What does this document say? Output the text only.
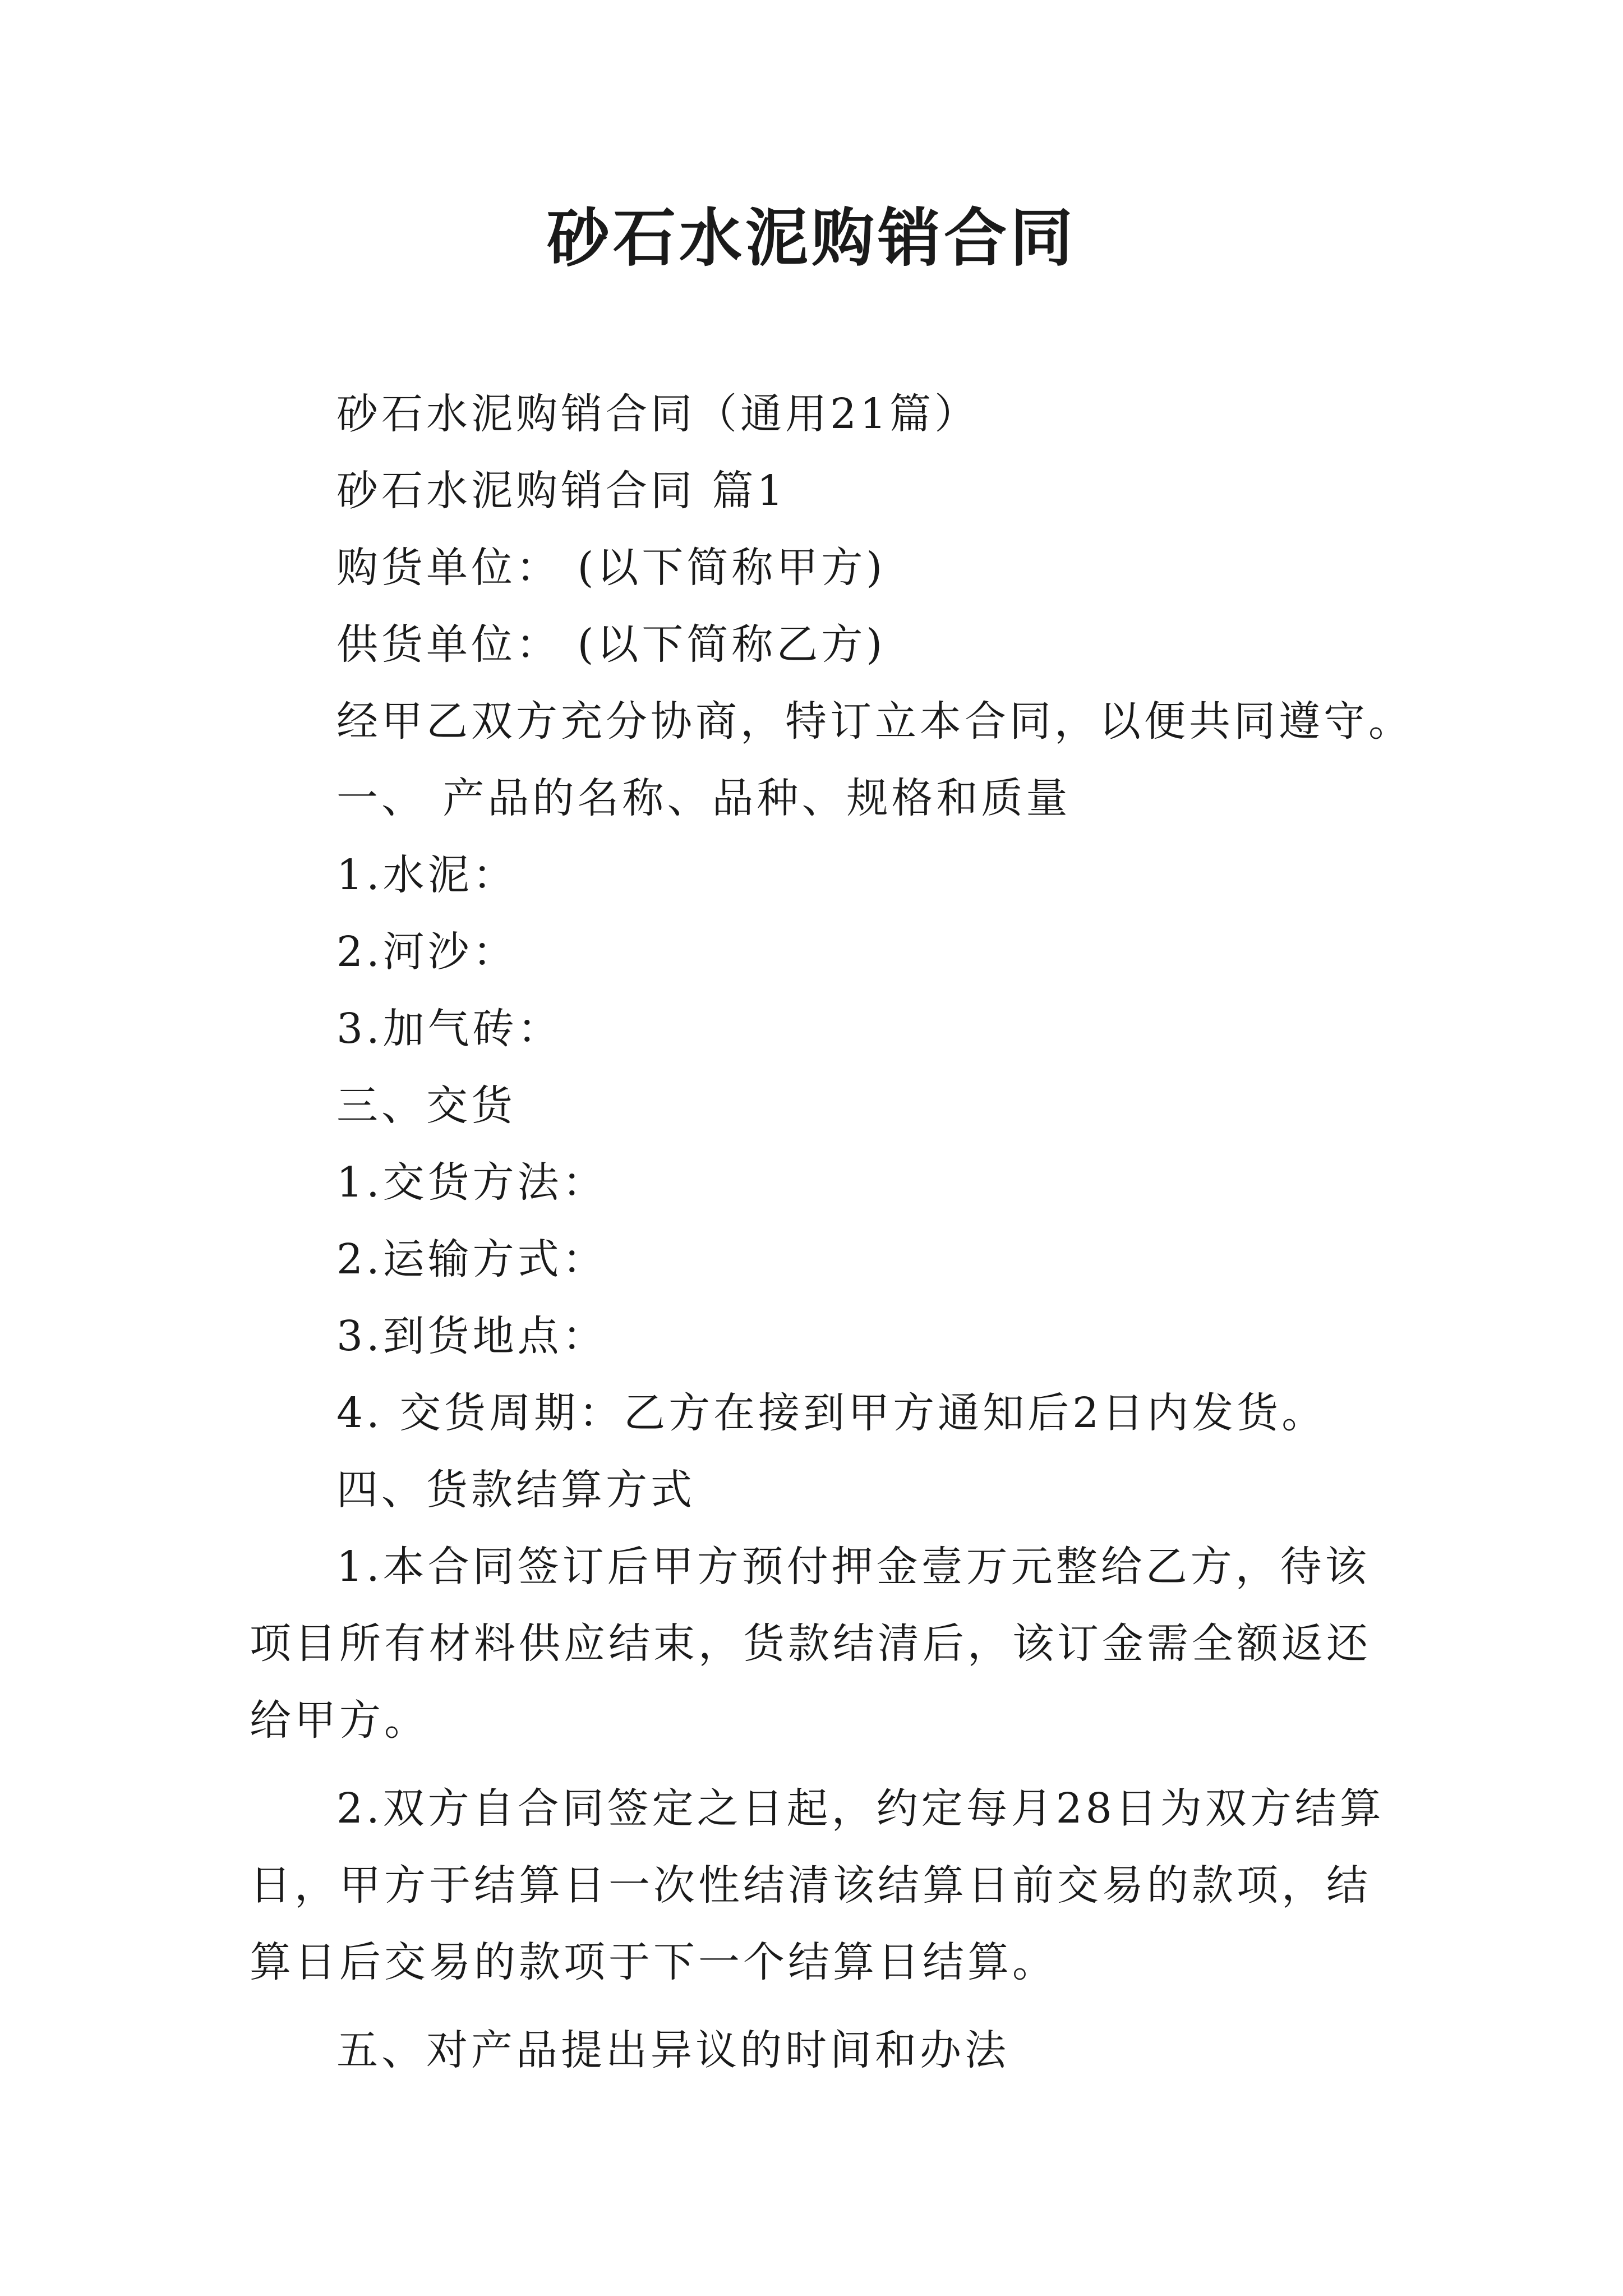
砂石水泥购销合同
砂石水泥购销合同（通用21篇）
砂石水泥购销合同 篇1
购货单位： (以下简称甲方)
供货单位： (以下简称乙方)
经甲乙双方充分协商，特订立本合同，以便共同遵守。
一、 产品的名称、品种、规格和质量
1.水泥：
2.河沙：
3.加气砖：
三、交货
1.交货方法：
2.运输方式：
3.到货地点：
4. 交货周期：乙方在接到甲方通知后2日内发货。
四、货款结算方式

1.本合同签订后甲方预付押金壹万元整给乙方，待该项目所有材料供应结束，货款结清后，该订金需全额返还给甲方。

2.双方自合同签定之日起，约定每月28日为双方结算日，甲方于结算日一次性结清该结算日前交易的款项，结算日后交易的款项于下一个结算日结算。

五、对产品提出异议的时间和办法
